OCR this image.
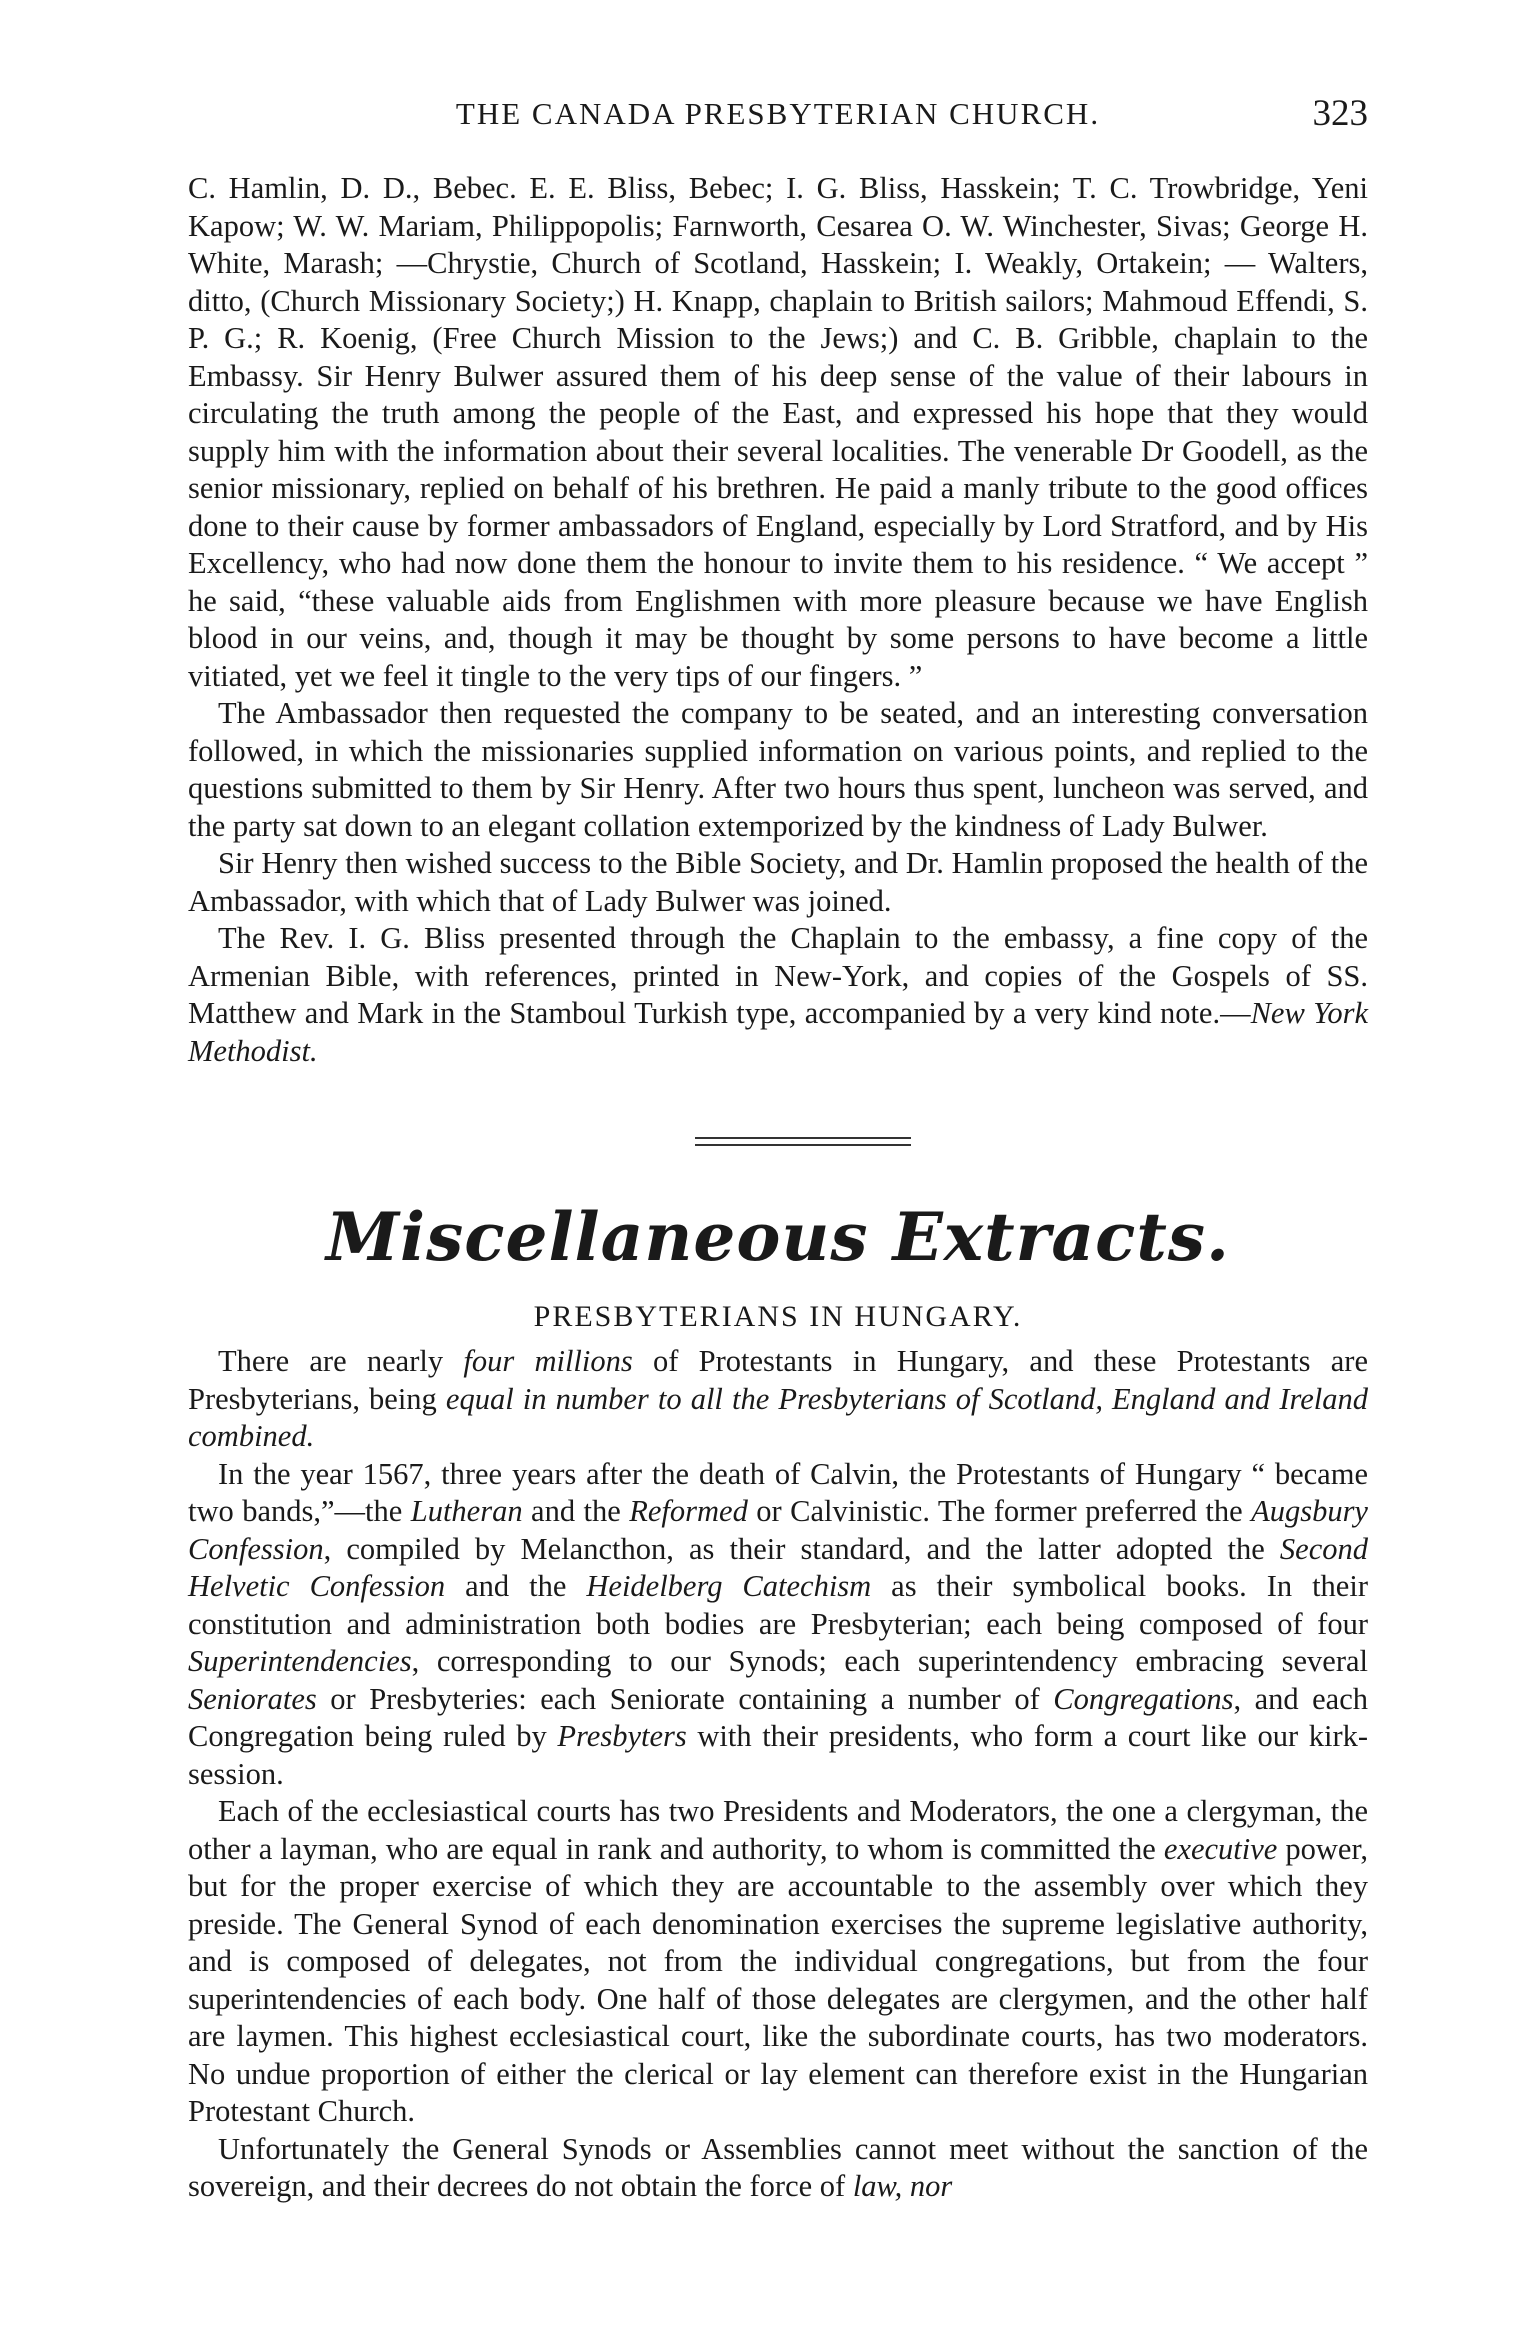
THE CANADA PRESBYTERIAN CHURCH.	323

C. Hamlin, D. D., Bebec. E. E. Bliss, Bebec; I. G. Bliss, Hasskein; T. C. Trowbridge, Yeni Kapow; W. W. Mariam, Philippopolis; Farnworth, Cesarea O. W. Winchester, Sivas; George H. White, Marash; —Chrystie, Church of Scotland, Hasskein; I. Weakly, Ortakein; — Walters, ditto, (Church Missionary Society;) H. Knapp, chaplain to British sailors; Mahmoud Effendi, S. P. G.; R. Koenig, (Free Church Mission to the Jews;) and C. B. Gribble, chaplain to the Embassy. Sir Henry Bulwer assured them of his deep sense of the value of their labours in circulating the truth among the people of the East, and expressed his hope that they would supply him with the information about their several localities. The venerable Dr Goodell, as the senior missionary, replied on behalf of his brethren. He paid a manly tribute to the good offices done to their cause by former ambassadors of England, especially by Lord Stratford, and by His Excellency, who had now done them the honour to invite them to his residence. “ We accept ” he said, “these valuable aids from Englishmen with more pleasure because we have English blood in our veins, and, though it may be thought by some persons to have become a little vitiated, yet we feel it tingle to the very tips of our fingers. ”

The Ambassador then requested the company to be seated, and an interesting conversation followed, in which the missionaries supplied information on various points, and replied to the questions submitted to them by Sir Henry. After two hours thus spent, luncheon was served, and the party sat down to an elegant collation extemporized by the kindness of Lady Bulwer.

Sir Henry then wished success to the Bible Society, and Dr. Hamlin proposed the health of the Ambassador, with which that of Lady Bulwer was joined.

The Rev. I. G. Bliss presented through the Chaplain to the embassy, a fine copy of the Armenian Bible, with references, printed in New-York, and copies of the Gospels of SS. Matthew and Mark in the Stamboul Turkish type, accompanied by a very kind note.—New York Methodist.

Miscellaneous Extracts.
PRESBYTERIANS IN HUNGARY.

There are nearly four millions of Protestants in Hungary, and these Protestants are Presbyterians, being equal in number to all the Presbyterians of Scotland, England and Ireland combined.

In the year 1567, three years after the death of Calvin, the Protestants of Hungary “ became two bands,”—the Lutheran and the Reformed or Calvinistic. The former preferred the Augsbury Confession, compiled by Melancthon, as their standard, and the latter adopted the Second Helvetic Confession and the Heidelberg Catechism as their symbolical books. In their constitution and administration both bodies are Presbyterian; each being composed of four Superintendencies, corresponding to our Synods; each superintendency embracing several Seniorates or Presbyteries: each Seniorate containing a number of Congregations, and each Congregation being ruled by Presbyters with their presidents, who form a court like our kirk-session.

Each of the ecclesiastical courts has two Presidents and Moderators, the one a clergyman, the other a layman, who are equal in rank and authority, to whom is committed the executive power, but for the proper exercise of which they are accountable to the assembly over which they preside. The General Synod of each denomination exercises the supreme legislative authority, and is composed of delegates, not from the individual congregations, but from the four superintendencies of each body. One half of those delegates are clergymen, and the other half are laymen. This highest ecclesiastical court, like the subordinate courts, has two moderators. No undue proportion of either the clerical or lay element can therefore exist in the Hungarian Protestant Church.

Unfortunately the General Synods or Assemblies cannot meet without the sanction of the sovereign, and their decrees do not obtain the force of law, nor
